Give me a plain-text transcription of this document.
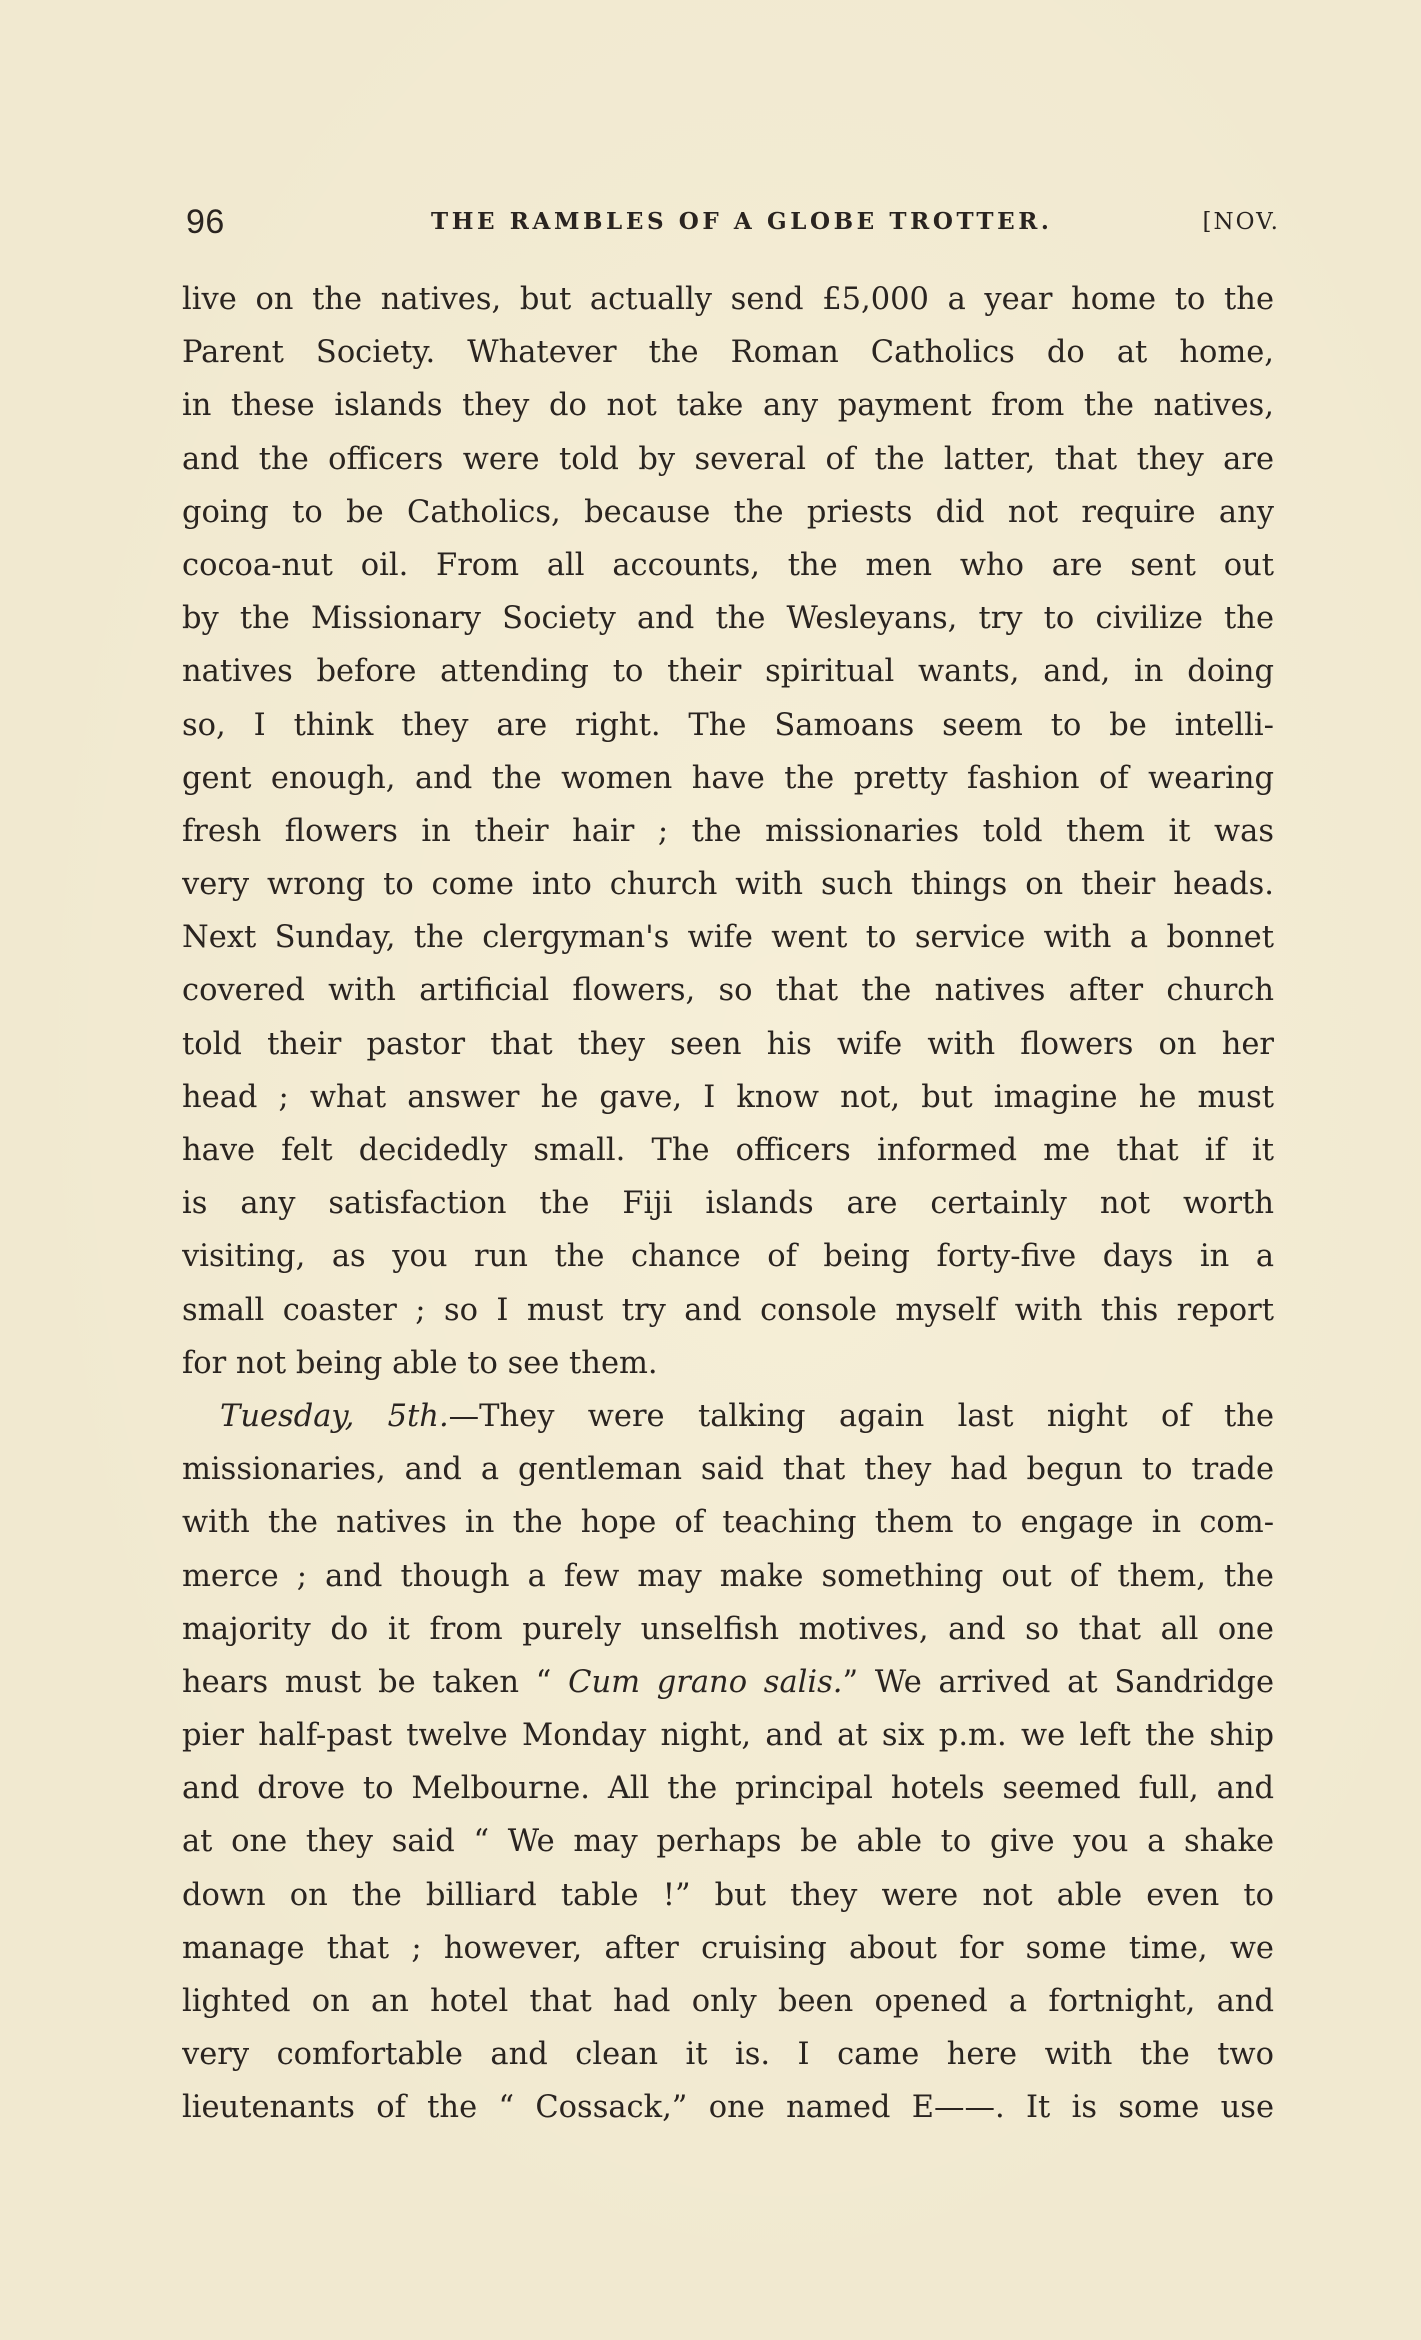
96	THE RAMBLES OF A GLOBE TROTTER.	[NOV.
live on the natives, but actually send £5,000 a year home to the
Parent Society. Whatever the Roman Catholics do at home,
in these islands they do not take any payment from the natives,
and the officers were told by several of the latter, that they are
going to be Catholics, because the priests did not require any
cocoa-nut oil. From all accounts, the men who are sent out
by the Missionary Society and the Wesleyans, try to civilize the
natives before attending to their spiritual wants, and, in doing
so, I think they are right. The Samoans seem to be intelli-
gent enough, and the women have the pretty fashion of wearing
fresh flowers in their hair ; the missionaries told them it was
very wrong to come into church with such things on their heads.
Next Sunday, the clergyman's wife went to service with a bonnet
covered with artificial flowers, so that the natives after church
told their pastor that they seen his wife with flowers on her
head ; what answer he gave, I know not, but imagine he must
have felt decidedly small. The officers informed me that if it
is any satisfaction the Fiji islands are certainly not worth
visiting, as you run the chance of being forty-five days in a
small coaster ; so I must try and console myself with this report
for not being able to see them.
Tuesday, 5th.—They were talking again last night of the
missionaries, and a gentleman said that they had begun to trade
with the natives in the hope of teaching them to engage in com-
merce ; and though a few may make something out of them, the
majority do it from purely unselfish motives, and so that all one
hears must be taken “ Cum grano salis.” We arrived at Sandridge
pier half-past twelve Monday night, and at six p.m. we left the ship
and drove to Melbourne. All the principal hotels seemed full, and
at one they said “ We may perhaps be able to give you a shake
down on the billiard table !” but they were not able even to
manage that ; however, after cruising about for some time, we
lighted on an hotel that had only been opened a fortnight, and
very comfortable and clean it is. I came here with the two
lieutenants of the “ Cossack,” one named E——. It is some use
